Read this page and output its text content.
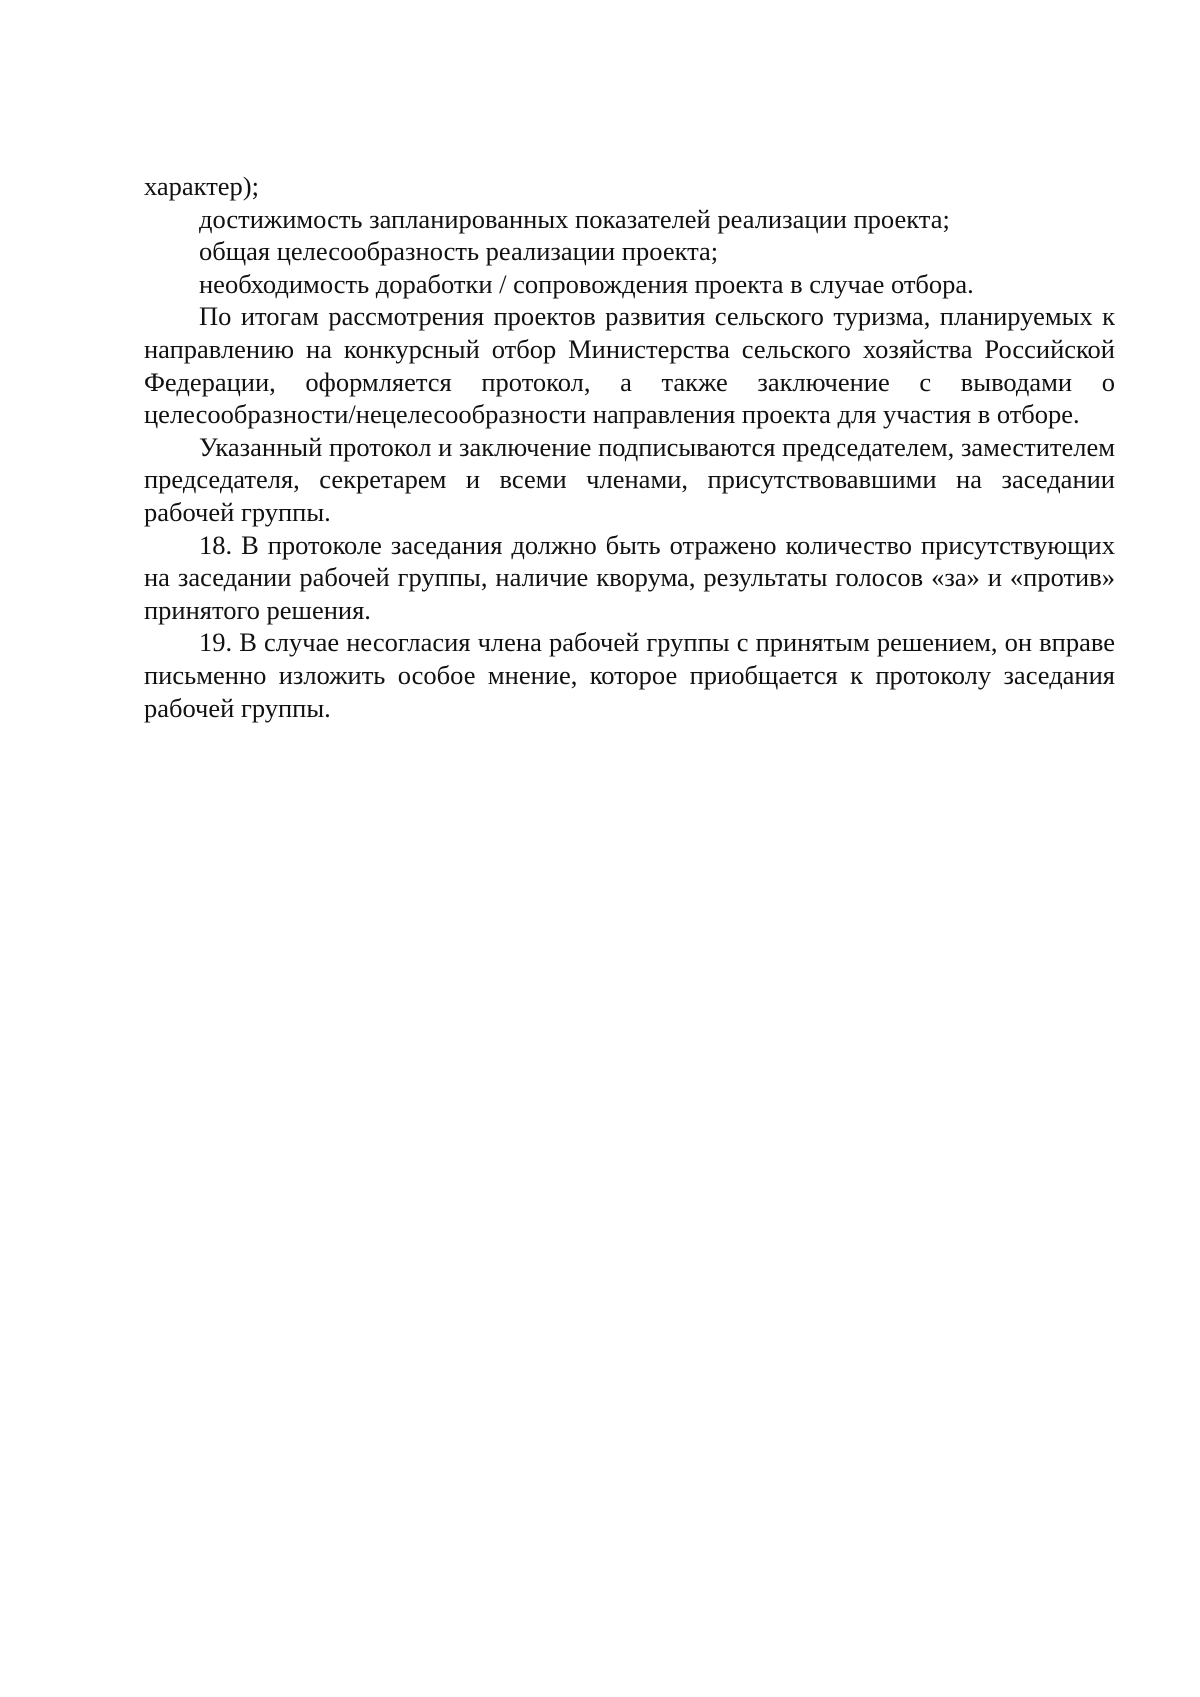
характер);

достижимость запланированных показателей реализации проекта;

общая целесообразность реализации проекта;

необходимость доработки / сопровождения проекта в случае отбора.

По итогам рассмотрения проектов развития сельского туризма, планируемых к направлению на конкурсный отбор Министерства сельского хозяйства Российской Федерации, оформляется протокол, а также заключение с выводами о целесообразности/нецелесообразности направления проекта для участия в отборе.

Указанный протокол и заключение подписываются председателем, заместителем председателя, секретарем и всеми членами, присутствовавшими на заседании рабочей группы.

18. В протоколе заседания должно быть отражено количество присутствующих на заседании рабочей группы, наличие кворума, результаты голосов «за» и «против» принятого решения.

19. В случае несогласия члена рабочей группы с принятым решением, он вправе письменно изложить особое мнение, которое приобщается к протоколу заседания рабочей группы.
